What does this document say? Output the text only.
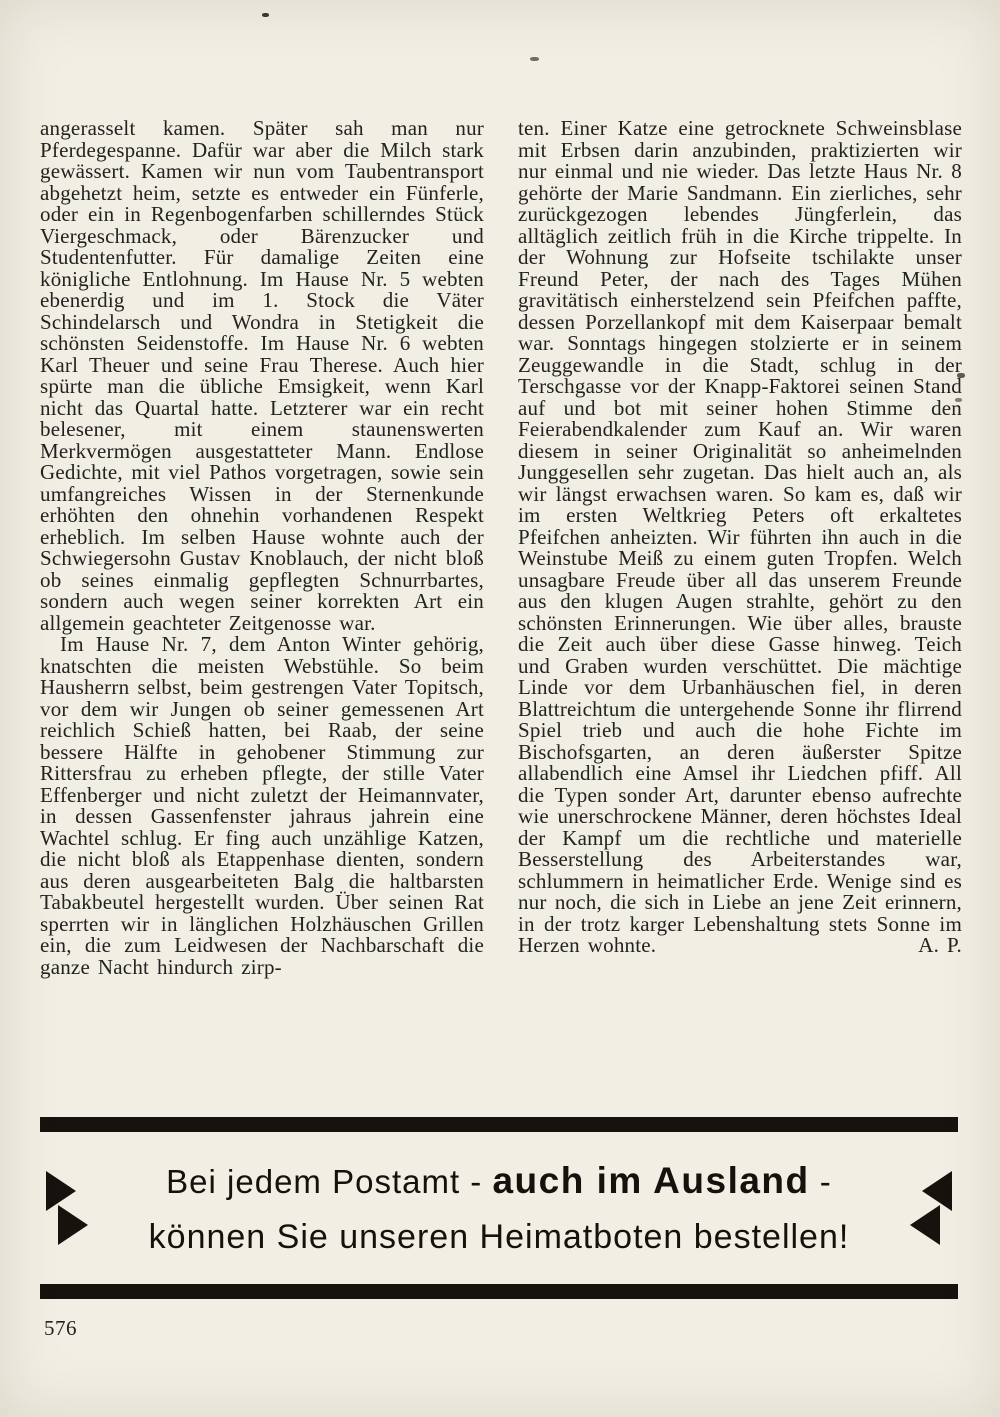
angerasselt kamen. Später sah man nur Pferdegespanne. Dafür war aber die Milch stark gewässert. Kamen wir nun vom Taubentransport abgehetzt heim, setzte es entweder ein Fünferle, oder ein in Regenbogenfarben schillerndes Stück Viergeschmack, oder Bärenzucker und Studentenfutter. Für damalige Zeiten eine königliche Entlohnung. Im Hause Nr. 5 webten ebenerdig und im 1. Stock die Väter Schindelarsch und Wondra in Stetigkeit die schönsten Seidenstoffe. Im Hause Nr. 6 webten Karl Theuer und seine Frau Therese. Auch hier spürte man die übliche Emsigkeit, wenn Karl nicht das Quartal hatte. Letzterer war ein recht belesener, mit einem staunenswerten Merkvermögen ausgestatteter Mann. Endlose Gedichte, mit viel Pathos vorgetragen, sowie sein umfangreiches Wissen in der Sternenkunde erhöhten den ohnehin vorhandenen Respekt erheblich. Im selben Hause wohnte auch der Schwiegersohn Gustav Knoblauch, der nicht bloß ob seines einmalig gepflegten Schnurrbartes, sondern auch wegen seiner korrekten Art ein allgemein geachteter Zeitgenosse war.

Im Hause Nr. 7, dem Anton Winter gehörig, knatschten die meisten Webstühle. So beim Hausherrn selbst, beim gestrengen Vater Topitsch, vor dem wir Jungen ob seiner gemessenen Art reichlich Schieß hatten, bei Raab, der seine bessere Hälfte in gehobener Stimmung zur Rittersfrau zu erheben pflegte, der stille Vater Effenberger und nicht zuletzt der Heimannvater, in dessen Gassenfenster jahraus jahrein eine Wachtel schlug. Er fing auch unzählige Katzen, die nicht bloß als Etappenhase dienten, sondern aus deren ausgearbeiteten Balg die haltbarsten Tabakbeutel hergestellt wurden. Über seinen Rat sperrten wir in länglichen Holzhäuschen Grillen ein, die zum Leidwesen der Nachbarschaft die ganze Nacht hindurch zirp-

ten. Einer Katze eine getrocknete Schweinsblase mit Erbsen darin anzubinden, praktizierten wir nur einmal und nie wieder. Das letzte Haus Nr. 8 gehörte der Marie Sandmann. Ein zierliches, sehr zurückgezogen lebendes Jüngferlein, das alltäglich zeitlich früh in die Kirche trippelte. In der Wohnung zur Hofseite tschilakte unser Freund Peter, der nach des Tages Mühen gravitätisch einherstelzend sein Pfeifchen paffte, dessen Porzellankopf mit dem Kaiserpaar bemalt war. Sonntags hingegen stolzierte er in seinem Zeuggewandle in die Stadt, schlug in der Terschgasse vor der Knapp-Faktorei seinen Stand auf und bot mit seiner hohen Stimme den Feierabendkalender zum Kauf an. Wir waren diesem in seiner Originalität so anheimelnden Junggesellen sehr zugetan. Das hielt auch an, als wir längst erwachsen waren. So kam es, daß wir im ersten Weltkrieg Peters oft erkaltetes Pfeifchen anheizten. Wir führten ihn auch in die Weinstube Meiß zu einem guten Tropfen. Welch unsagbare Freude über all das unserem Freunde aus den klugen Augen strahlte, gehört zu den schönsten Erinnerungen. Wie über alles, brauste die Zeit auch über diese Gasse hinweg. Teich und Graben wurden verschüttet. Die mächtige Linde vor dem Urbanhäuschen fiel, in deren Blattreichtum die untergehende Sonne ihr flirrend Spiel trieb und auch die hohe Fichte im Bischofsgarten, an deren äußerster Spitze allabendlich eine Amsel ihr Liedchen pfiff. All die Typen sonder Art, darunter ebenso aufrechte wie unerschrockene Männer, deren höchstes Ideal der Kampf um die rechtliche und materielle Besserstellung des Arbeiterstandes war, schlummern in heimatlicher Erde. Wenige sind es nur noch, die sich in Liebe an jene Zeit erinnern, in der trotz karger Lebenshaltung stets Sonne im Herzen wohnte.	A. P.

Bei jedem Postamt - auch im Ausland -
können Sie unseren Heimatboten bestellen!
576
